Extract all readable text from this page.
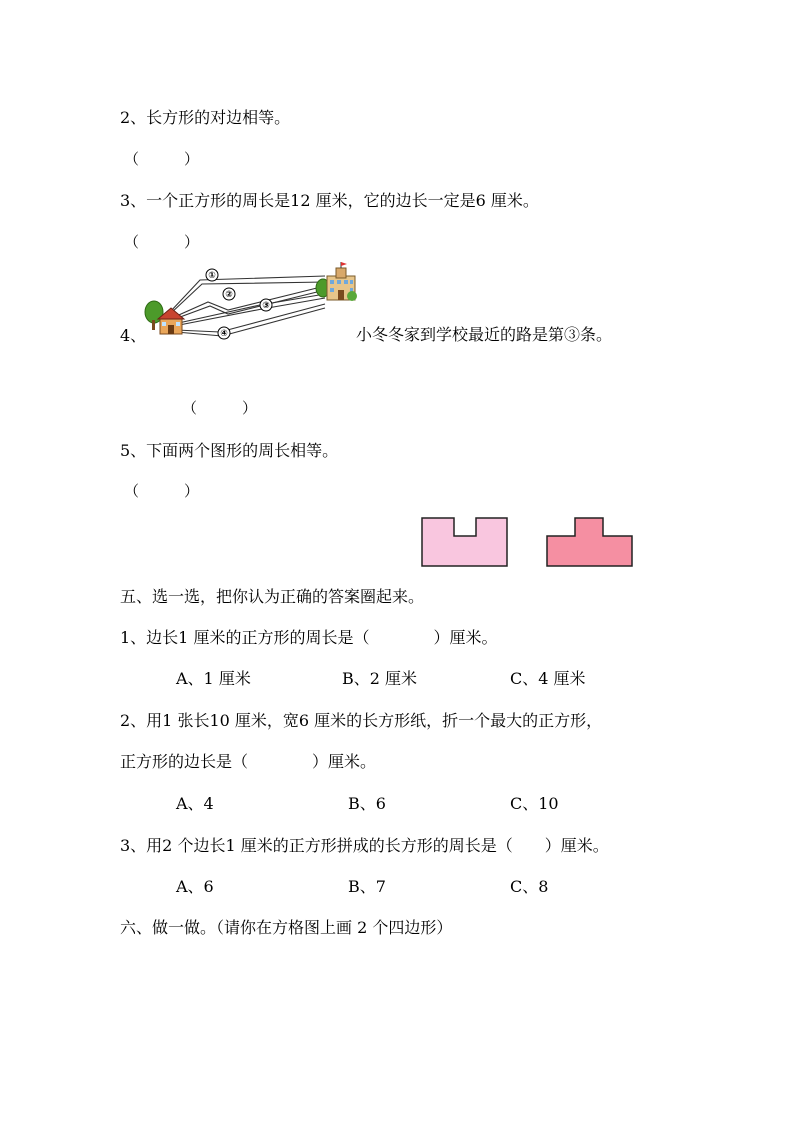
2、长方形的对边相等。
（　　　）
3、一个正方形的周长是12 厘米，它的边长一定是6 厘米。
（　　　）
4、
①
②
③
④	小冬冬家到学校最近的路是第③条。
（　　　）
5、下面两个图形的周长相等。
（　　　）
五、选一选，把你认为正确的答案圈起来。
1、边长1 厘米的正方形的周长是（　　　　）厘米。
A、1 厘米	B、2 厘米	C、4 厘米
2、用1 张长10 厘米，宽6 厘米的长方形纸，折一个最大的正方形，
正方形的边长是（　　　　）厘米。
A、4	B、6	C、10
3、用2 个边长1 厘米的正方形拼成的长方形的周长是（　　）厘米。
A、6	B、7	C、8
六、做一做。（请你在方格图上画 2 个四边形）
